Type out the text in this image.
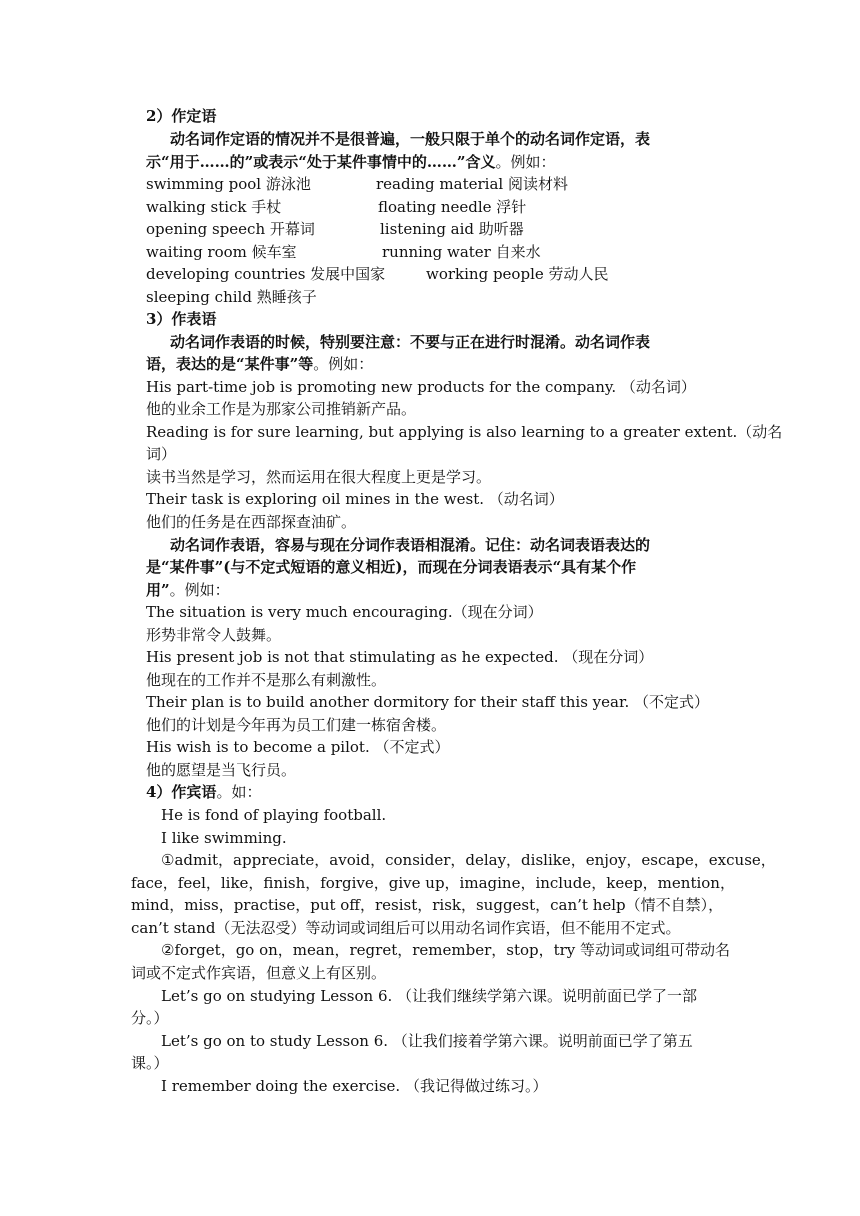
2）作定语
动名词作定语的情况并不是很普遍，一般只限于单个的动名词作定语，表
示“用于……的”或表示“处于某件事情中的……”含义。例如：
swimming pool 游泳池	reading material 阅读材料
walking stick 手杖	floating needle 浮针
opening speech 开幕词	listening aid 助听器
waiting room 候车室	running water 自来水
developing countries 发展中国家	working people 劳动人民
sleeping child 熟睡孩子
3）作表语
动名词作表语的时候，特别要注意：不要与正在进行时混淆。动名词作表
语，表达的是“某件事”等。例如：
His part-time job is promoting new products for the company. （动名词）
他的业余工作是为那家公司推销新产品。
Reading is for sure learning, but applying is also learning to a greater extent.（动名
词）
读书当然是学习，然而运用在很大程度上更是学习。
Their task is exploring oil mines in the west. （动名词）
他们的任务是在西部探查油矿。
动名词作表语，容易与现在分词作表语相混淆。记住：动名词表语表达的
是“某件事”(与不定式短语的意义相近)，而现在分词表语表示“具有某个作
用”。例如：
The situation is very much encouraging.（现在分词）
形势非常令人鼓舞。
His present job is not that stimulating as he expected. （现在分词）
他现在的工作并不是那么有刺激性。
Their plan is to build another dormitory for their staff this year. （不定式）
他们的计划是今年再为员工们建一栋宿舍楼。
His wish is to become a pilot. （不定式）
他的愿望是当飞行员。
4）作宾语。如：
He is fond of playing football.
I like swimming.
①admit，appreciate，avoid，consider，delay，dislike，enjoy，escape，excuse，
face，feel，like，finish，forgive，give up，imagine，include，keep，mention，
mind，miss，practise，put off，resist，risk，suggest，can’t help（情不自禁），
can’t stand（无法忍受）等动词或词组后可以用动名词作宾语，但不能用不定式。
②forget，go on，mean，regret，remember，stop，try 等动词或词组可带动名
词或不定式作宾语，但意义上有区别。
Let’s go on studying Lesson 6. （让我们继续学第六课。说明前面已学了一部
分。）
Let’s go on to study Lesson 6. （让我们接着学第六课。说明前面已学了第五
课。）
I remember doing the exercise. （我记得做过练习。）
